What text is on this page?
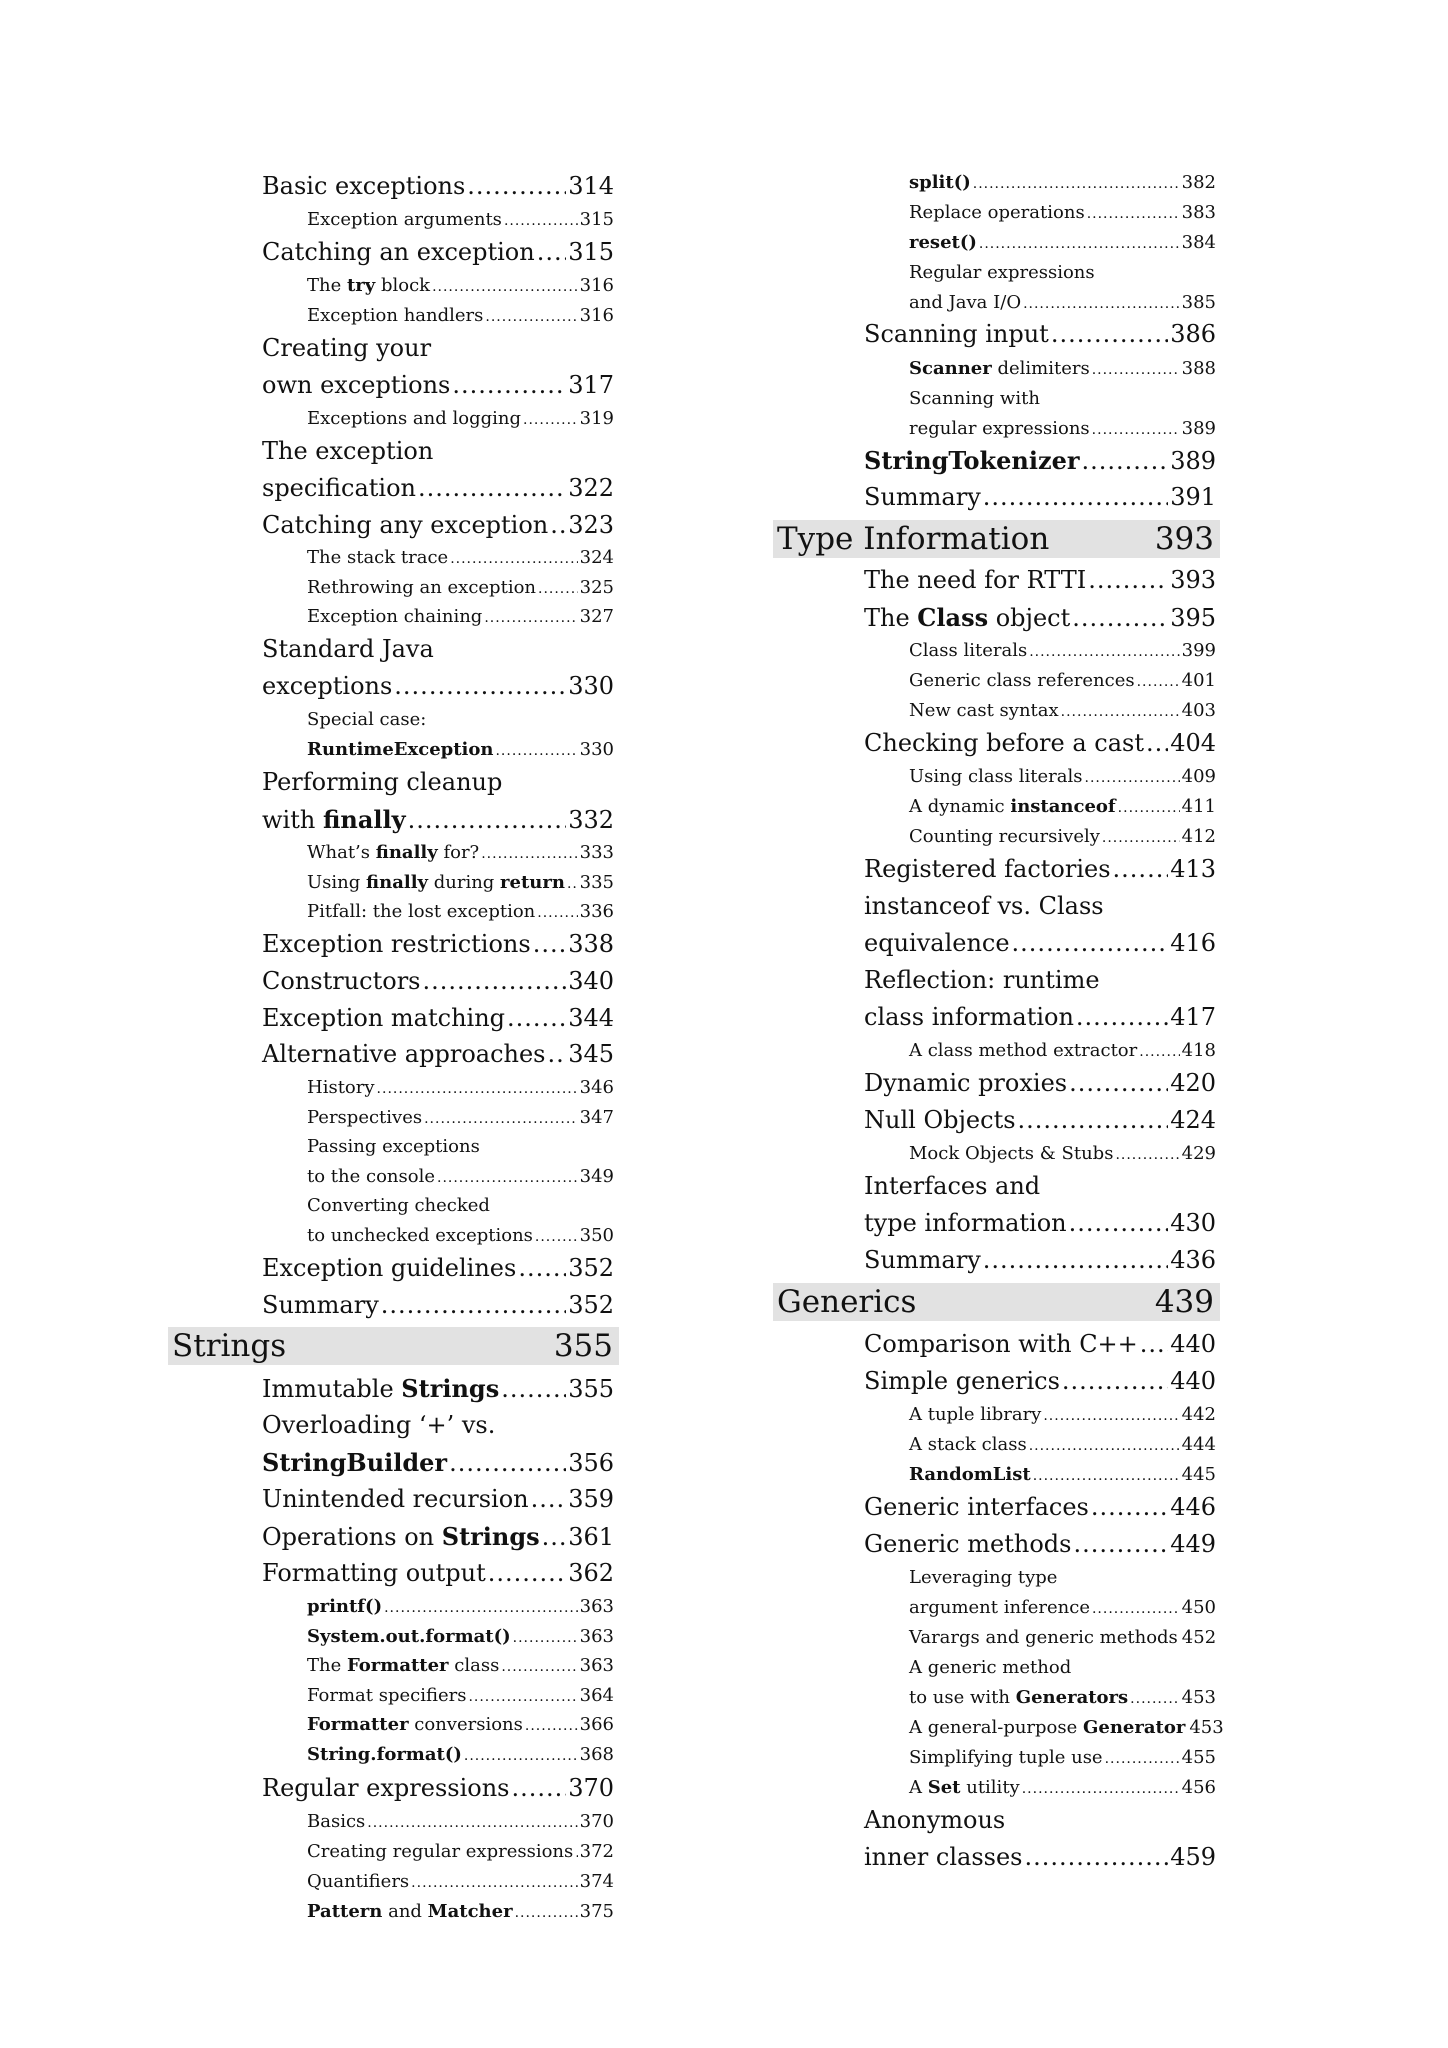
Basic exceptions .....	314
Exception arguments .....	315
Catching an exception ..... 315
The try block .....	316
Exception handlers .....	316
Creating your
own exceptions .....	317
Exceptions and logging .....	319
The exception
specification .....	322
Catching any exception ..... 323
The stack trace .....	324
Rethrowing an exception ..... 325
Exception chaining .....	327
Standard Java
exceptions .....	330
Special case:
RuntimeException .....	330
Performing cleanup
with finally .....	332
What’s finally for? .....	333
Using finally during return ..... 335
Pitfall: the lost exception ..... 336
Exception restrictions ..... 338
Constructors .....	340
Exception matching .....	344
Alternative approaches ..... 345
History .....	346
Perspectives .....	347
Passing exceptions
to the console .....	349
Converting checked
to unchecked exceptions .....	350
Exception guidelines ..... 352
Summary .....	352
Strings	355
Immutable Strings .....	355
Overloading ‘+’ vs.
StringBuilder .....	356
Unintended recursion ..... 359
Operations on Strings ..... 361
Formatting output .....	362
printf() .....	363
System.out.format() .....	363
The Formatter class .....	363
Format specifiers .....	364
Formatter conversions .....	366
String.format() .....	368
Regular expressions ..... 370
Basics .....	370
Creating regular expressions ..... 372
Quantifiers .....	374
Pattern and Matcher .....	375
split() .....	382
Replace operations .....	383
reset() .....	384
Regular expressions
and Java I/O .....	385
Scanning input .....	386
Scanner delimiters .....	388
Scanning with
regular expressions .....	389
StringTokenizer .....	389
Summary .....	391
Type Information	393
The need for RTTI .....	393
The Class object .....	395
Class literals .....	399
Generic class references .....	401
New cast syntax .....	403
Checking before a cast ..... 404
Using class literals .....	409
A dynamic instanceof .....	411
Counting recursively .....	412
Registered factories ..... 413
instanceof vs. Class
equivalence .....	416
Reflection: runtime
class information .....	417
A class method extractor ..... 418
Dynamic proxies .....	420
Null Objects .....	424
Mock Objects & Stubs .....	429
Interfaces and
type information .....	430
Summary .....	436
Generics	439
Comparison with C++ ..... 440
Simple generics .....	440
A tuple library .....	442
A stack class .....	444
RandomList .....	445
Generic interfaces .....	446
Generic methods .....	449
Leveraging type
argument inference .....	450
Varargs and generic methods 452
A generic method
to use with Generators .....	453
A general-purpose Generator 453
Simplifying tuple use .....	455
A Set utility .....	456
Anonymous
inner classes .....	459
